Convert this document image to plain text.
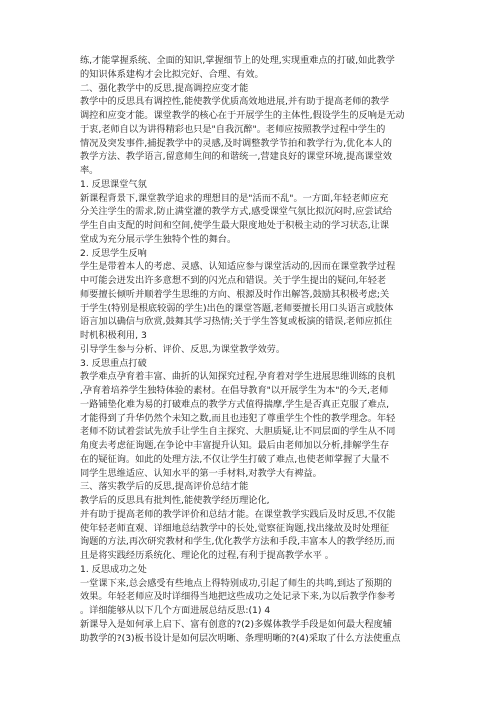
练,才能掌握系统、全面的知识,掌握细节上的处理,实现重难点的打破,如此教学
的知识体系建构才会比拟完好、合理、有效。
二、强化教学中的反思,提高调控应变才能
教学中的反思具有调控性,能使教学优质高效地进展,并有助于提高老师的教学
调控和应变才能。课堂教学的核心在于开展学生的主体性,假设学生的反响是无动
于衷,老师自以为讲得精彩也只是"自我沉醉"。老师应按照教学过程中学生的
情况及突发事件,捕捉教学中的灵感,及时调整教学节拍和教学行为,优化本人的
教学方法、教学语言,留意师生间的和谐统一,营建良好的课堂环境,提高课堂效
率。
1. 反思课堂气氛
新课程背景下,课堂教学追求的理想目的是"活而不乱"。一方面,年轻老师应充
分关注学生的需求,防止满堂灌的教学方式,感受课堂气氛比拟沉闷时,应尝试给
学生自由支配的时间和空间,使学生最大限度地处于积极主动的学习状态,让课
堂成为充分展示学生独特个性的舞台。
2. 反思学生反响
学生是带着本人的考虑、灵感、认知适应参与课堂活动的,因而在课堂教学过程
中可能会迸发出许多意想不到的闪光点和错误。关于学生提出的疑问,年轻老
师要擅长倾听并顺着学生思维的方向、根源及时作出解答,鼓励其积极考虑;关
于学生(特别是根底较弱的学生)出色的课堂答题,老师要擅长用口头语言或肢体
语言加以确信与欣赏,鼓舞其学习热情;关于学生答复或板演的错误,老师应抓住
时机积极利用, 3
引导学生参与分析、评价、反思,为课堂教学效劳。
3. 反思重点打破
教学难点孕育着丰富、曲折的认知探究过程,孕育着对学生进展思维训练的良机
,孕育着培养学生独特体验的素材。在倡导教育"以开展学生为本"的今天,老师
一路铺垫化难为易的打破难点的教学方式值得揣摩,学生是否真正克服了难点,
才能得到了升华仍然个未知之数,而且也违犯了尊重学生个性的教学理念。年轻
老师不防试着尝试先放手让学生自主探究、大胆质疑,让不同层面的学生从不同
角度去考虑征询题,在争论中丰富提升认知。最后由老师加以分析,排解学生存
在的疑征询。如此的处理方法,不仅让学生打破了难点,也使老师掌握了大量不
同学生思维适应、认知水平的第一手材料,对教学大有裨益。
三、落实教学后的反思,提高评价总结才能
教学后的反思具有批判性,能使教学经历理论化,
并有助于提高老师的教学评价和总结才能。在课堂教学实践后及时反思,不仅能
使年轻老师直观、详细地总结教学中的长处,觉察征询题,找出缘故及时处理征
询题的方法,再次研究教材和学生,优化教学方法和手段,丰富本人的教学经历,而
且是将实践经历系统化、理论化的过程,有利于提高教学水平 。
1. 反思成功之处
一堂课下来,总会感受有些地点上得特别成功,引起了师生的共鸣,到达了预期的
效果。年轻老师应及时详细得当地把这些成功之处记录下来,为以后教学作参考
。详细能够从以下几个方面进展总结反思:(1) 4
新课导入是如何承上启下、富有创意的?(2)多媒体教学手段是如何最大程度辅
助教学的?(3)板书设计是如何层次明晰、条理明晰的?(4)采取了什么方法使重点
